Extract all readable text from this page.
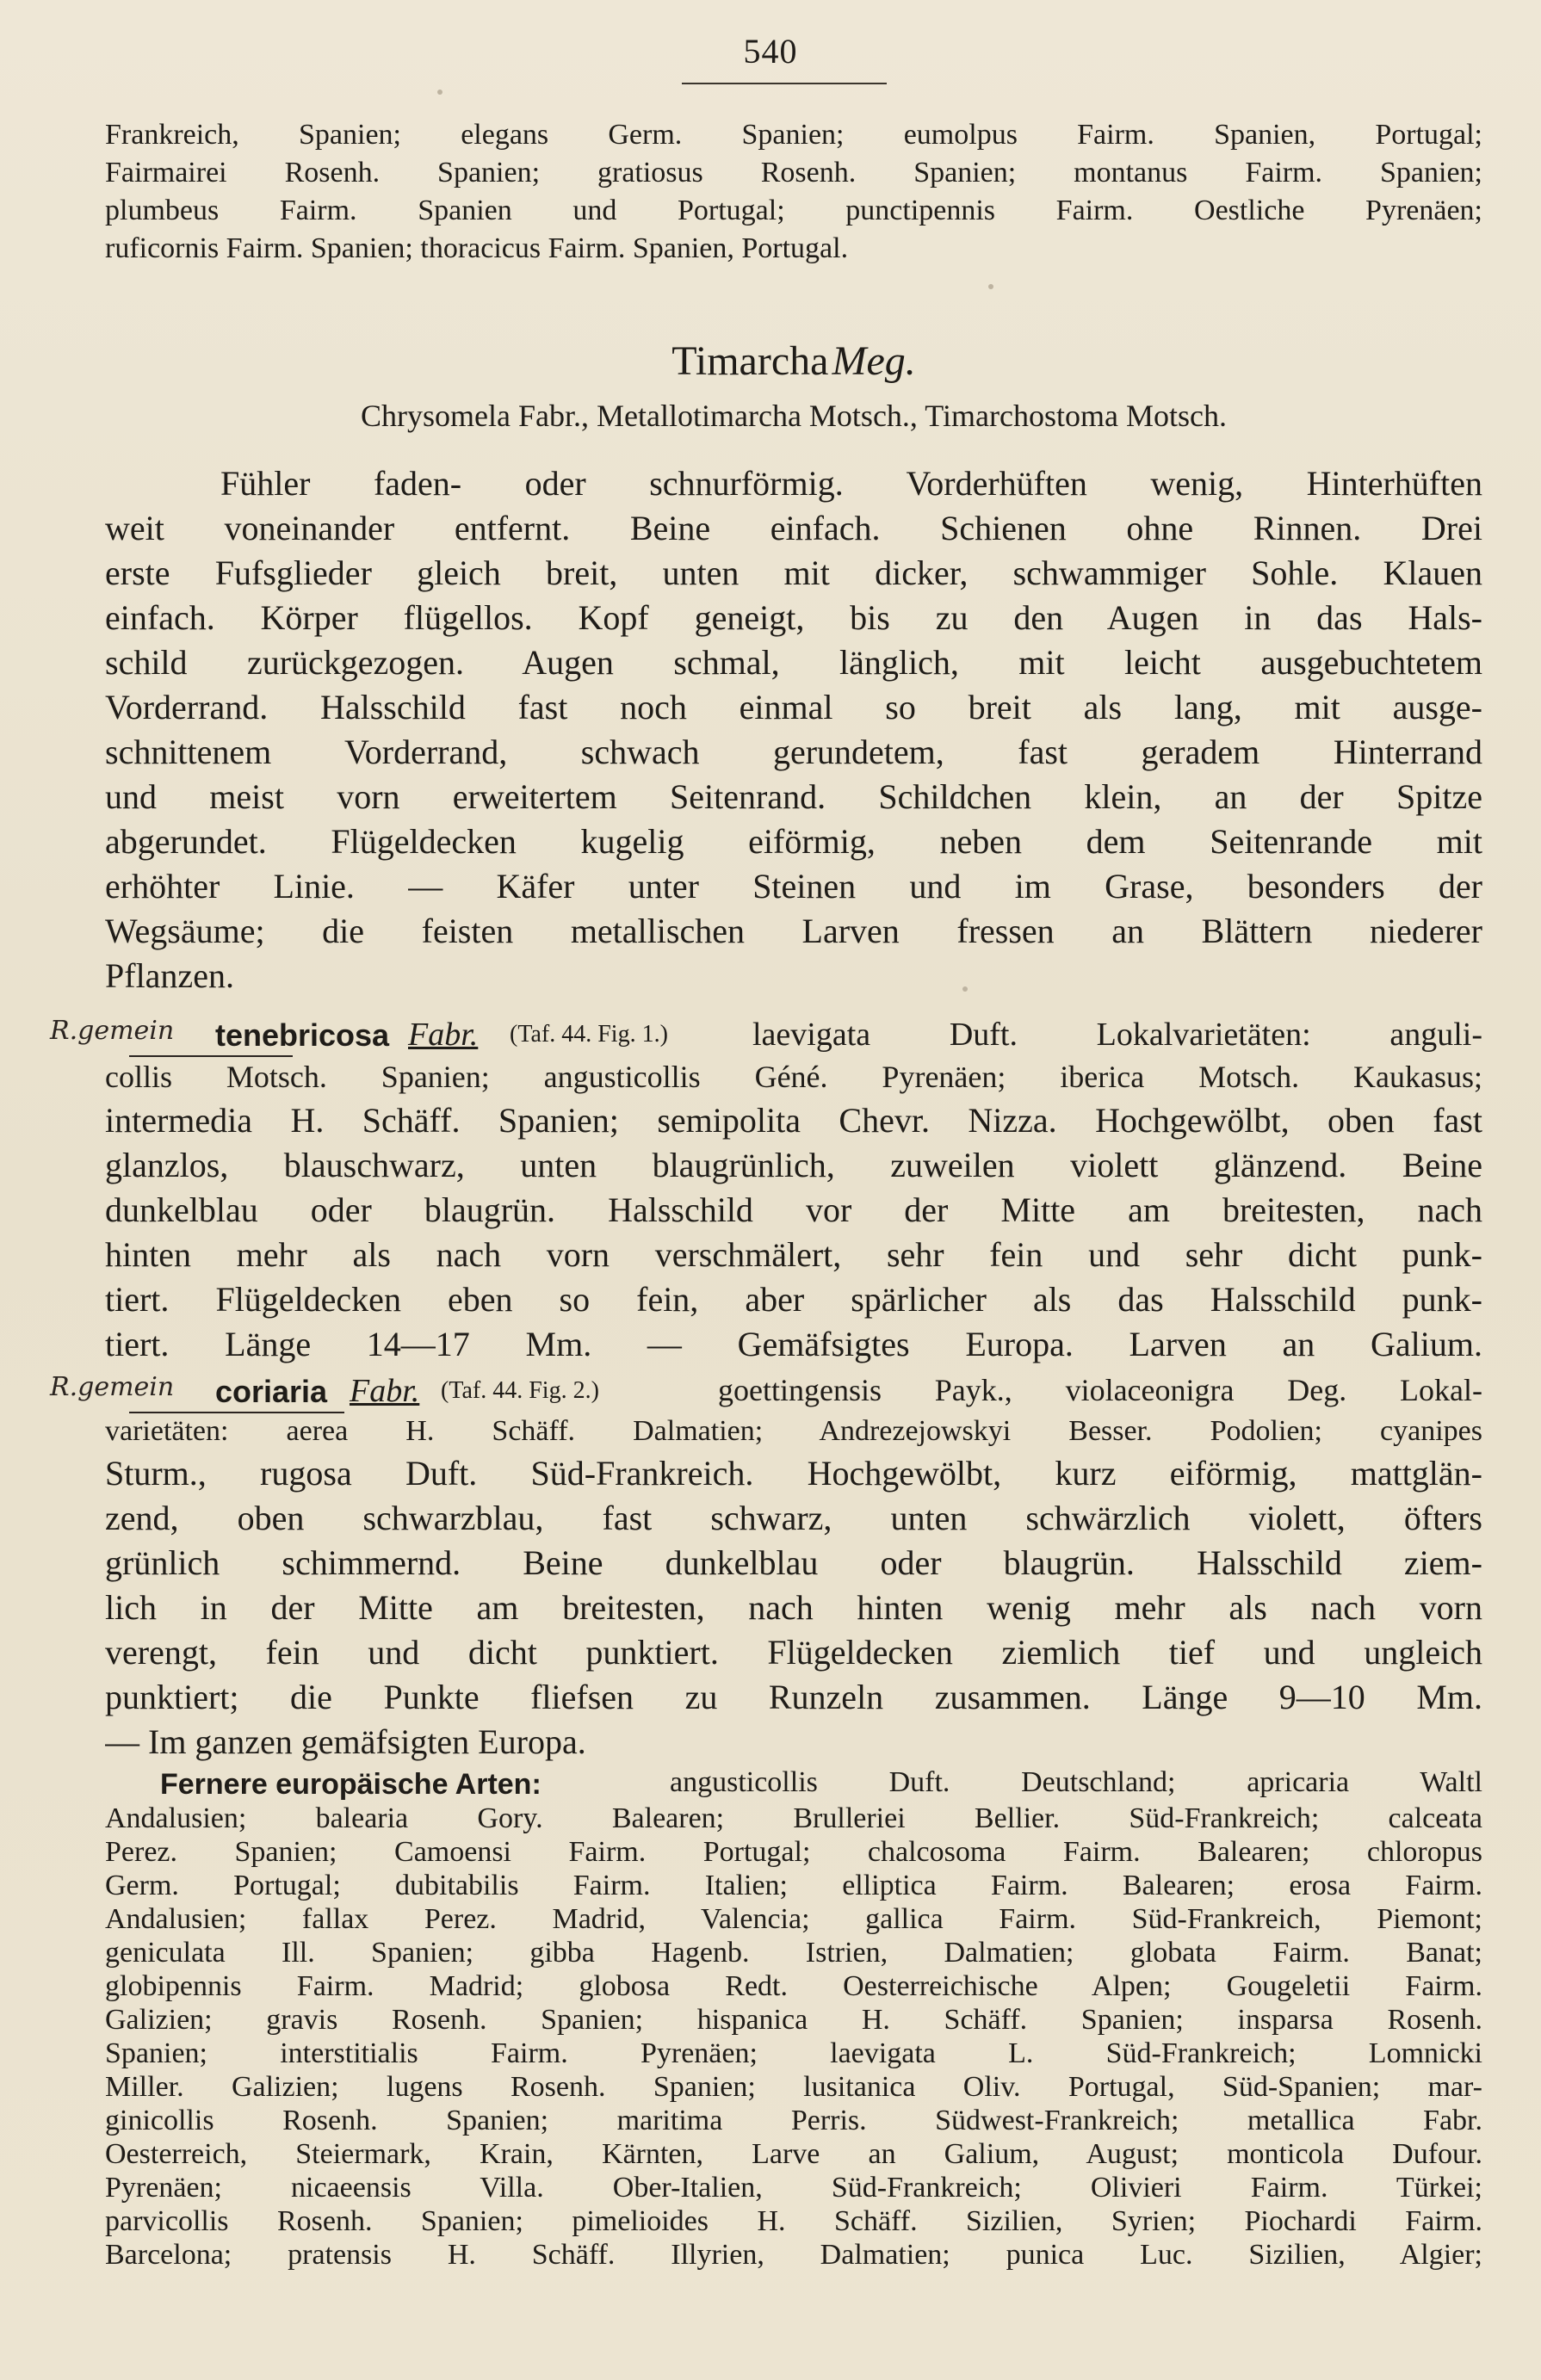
540
Frankreich, Spanien; elegans Germ. Spanien; eumolpus Fairm. Spanien, Portugal;
Fairmairei Rosenh. Spanien; gratiosus Rosenh. Spanien; montanus Fairm. Spanien;
plumbeus Fairm. Spanien und Portugal; punctipennis Fairm. Oestliche Pyrenäen;
ruficornis Fairm. Spanien; thoracicus Fairm. Spanien, Portugal.
Timarcha Meg.
Chrysomela Fabr., Metallotimarcha Motsch., Timarchostoma Motsch.
Fühler faden- oder schnurförmig. Vorderhüften wenig, Hinterhüften
weit voneinander entfernt. Beine einfach. Schienen ohne Rinnen. Drei
erste Fufsglieder gleich breit, unten mit dicker, schwammiger Sohle. Klauen
einfach. Körper flügellos. Kopf geneigt, bis zu den Augen in das Hals-
schild zurückgezogen. Augen schmal, länglich, mit leicht ausgebuchtetem
Vorderrand. Halsschild fast noch einmal so breit als lang, mit ausge-
schnittenem Vorderrand, schwach gerundetem, fast geradem Hinterrand
und meist vorn erweitertem Seitenrand. Schildchen klein, an der Spitze
abgerundet. Flügeldecken kugelig eiförmig, neben dem Seitenrande mit
erhöhter Linie. — Käfer unter Steinen und im Grase, besonders der
Wegsäume; die feisten metallischen Larven fressen an Blättern niederer
Pflanzen.
R.gemein tenebricosa Fabr. (Taf. 44. Fig. 1.)	laevigata Duft. Lokalvarietäten: anguli-
collis Motsch. Spanien; angusticollis Géné. Pyrenäen; iberica Motsch. Kaukasus;
intermedia H. Schäff. Spanien; semipolita Chevr. Nizza. Hochgewölbt, oben fast
glanzlos, blauschwarz, unten blaugrünlich, zuweilen violett glänzend. Beine
dunkelblau oder blaugrün. Halsschild vor der Mitte am breitesten, nach
hinten mehr als nach vorn verschmälert, sehr fein und sehr dicht punk-
tiert. Flügeldecken eben so fein, aber spärlicher als das Halsschild punk-
tiert. Länge 14—17 Mm. — Gemäfsigtes Europa. Larven an Galium.
R.gemein coriaria Fabr. (Taf. 44. Fig. 2.)	goettingensis Payk., violaceonigra Deg. Lokal-
varietäten: aerea H. Schäff. Dalmatien; Andrezejowskyi Besser. Podolien; cyanipes
Sturm., rugosa Duft. Süd-Frankreich. Hochgewölbt, kurz eiförmig, mattglän-
zend, oben schwarzblau, fast schwarz, unten schwärzlich violett, öfters
grünlich schimmernd. Beine dunkelblau oder blaugrün. Halsschild ziem-
lich in der Mitte am breitesten, nach hinten wenig mehr als nach vorn
verengt, fein und dicht punktiert. Flügeldecken ziemlich tief und ungleich
punktiert; die Punkte fliefsen zu Runzeln zusammen. Länge 9—10 Mm.
— Im ganzen gemäfsigten Europa.
Fernere europäische Arten:	angusticollis Duft. Deutschland; apricaria Waltl
Andalusien; balearia Gory. Balearen; Brulleriei Bellier. Süd-Frankreich; calceata
Perez. Spanien; Camoensi Fairm. Portugal; chalcosoma Fairm. Balearen; chloropus
Germ. Portugal; dubitabilis Fairm. Italien; elliptica Fairm. Balearen; erosa Fairm.
Andalusien; fallax Perez. Madrid, Valencia; gallica Fairm. Süd-Frankreich, Piemont;
geniculata Ill. Spanien; gibba Hagenb. Istrien, Dalmatien; globata Fairm. Banat;
globipennis Fairm. Madrid; globosa Redt. Oesterreichische Alpen; Gougeletii Fairm.
Galizien; gravis Rosenh. Spanien; hispanica H. Schäff. Spanien; insparsa Rosenh.
Spanien; interstitialis Fairm. Pyrenäen; laevigata L. Süd-Frankreich; Lomnicki
Miller. Galizien; lugens Rosenh. Spanien; lusitanica Oliv. Portugal, Süd-Spanien; mar-
ginicollis Rosenh. Spanien; maritima Perris. Südwest-Frankreich; metallica Fabr.
Oesterreich, Steiermark, Krain, Kärnten, Larve an Galium, August; monticola Dufour.
Pyrenäen; nicaeensis Villa. Ober-Italien, Süd-Frankreich; Olivieri Fairm. Türkei;
parvicollis Rosenh. Spanien; pimelioides H. Schäff. Sizilien, Syrien; Piochardi Fairm.
Barcelona; pratensis H. Schäff. Illyrien, Dalmatien; punica Luc. Sizilien, Algier;
